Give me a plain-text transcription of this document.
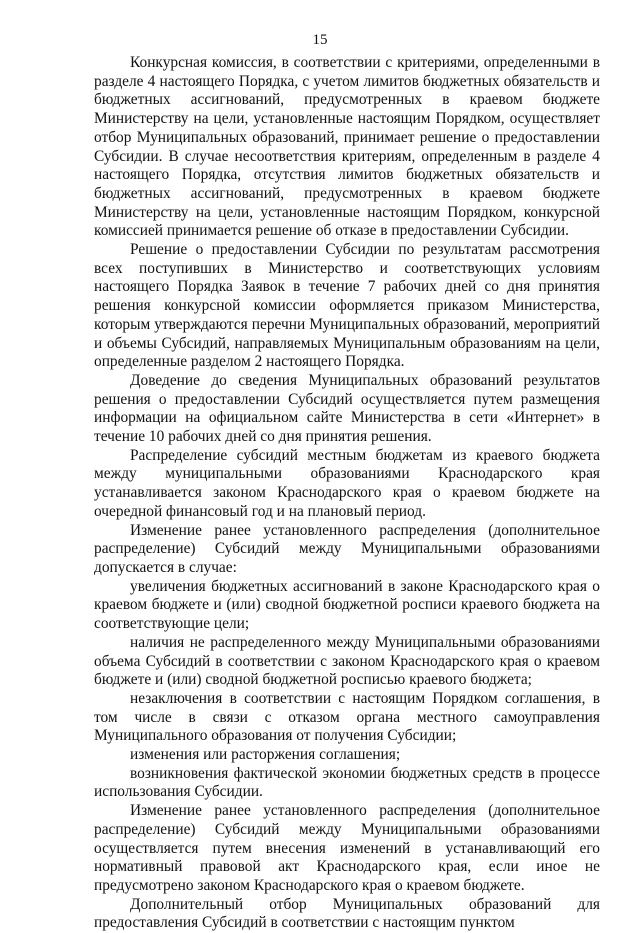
15

Конкурсная комиссия, в соответствии с критериями, определенными в разделе 4 настоящего Порядка, с учетом лимитов бюджетных обязательств и бюджетных ассигнований, предусмотренных в краевом бюджете Министерству на цели, установленные настоящим Порядком, осуществляет отбор Муниципальных образований, принимает решение о предоставлении Субсидии. В случае несоответствия критериям, определенным в разделе 4 настоящего Порядка, отсутствия лимитов бюджетных обязательств и бюджетных ассигнований, предусмотренных в краевом бюджете Министерству на цели, установленные настоящим Порядком, конкурсной комиссией принимается решение об отказе в предоставлении Субсидии.

Решение о предоставлении Субсидии по результатам рассмотрения всех поступивших в Министерство и соответствующих условиям настоящего Порядка Заявок в течение 7 рабочих дней со дня принятия решения конкурсной комиссии оформляется приказом Министерства, которым утверждаются перечни Муниципальных образований, мероприятий и объемы Субсидий, направляемых Муниципальным образованиям на цели, определенные разделом 2 настоящего Порядка.

Доведение до сведения Муниципальных образований результатов решения о предоставлении Субсидий осуществляется путем размещения информации на официальном сайте Министерства в сети «Интернет» в течение 10 рабочих дней со дня принятия решения.

Распределение субсидий местным бюджетам из краевого бюджета между муниципальными образованиями Краснодарского края устанавливается законом Краснодарского края о краевом бюджете на очередной финансовый год и на плановый период.

Изменение ранее установленного распределения (дополнительное распределение) Субсидий между Муниципальными образованиями допускается в случае:

увеличения бюджетных ассигнований в законе Краснодарского края о краевом бюджете и (или) сводной бюджетной росписи краевого бюджета на соответствующие цели;

наличия не распределенного между Муниципальными образованиями объема Субсидий в соответствии с законом Краснодарского края о краевом бюджете и (или) сводной бюджетной росписью краевого бюджета;

незаключения в соответствии с настоящим Порядком соглашения, в том числе в связи с отказом органа местного самоуправления Муниципального образования от получения Субсидии;

изменения или расторжения соглашения;

возникновения фактической экономии бюджетных средств в процессе использования Субсидии.

Изменение ранее установленного распределения (дополнительное распределение) Субсидий между Муниципальными образованиями осуществляется путем внесения изменений в устанавливающий его нормативный правовой акт Краснодарского края, если иное не предусмотрено законом Краснодарского края о краевом бюджете.

Дополнительный отбор Муниципальных образований для предоставления Субсидий в соответствии с настоящим пунктом
